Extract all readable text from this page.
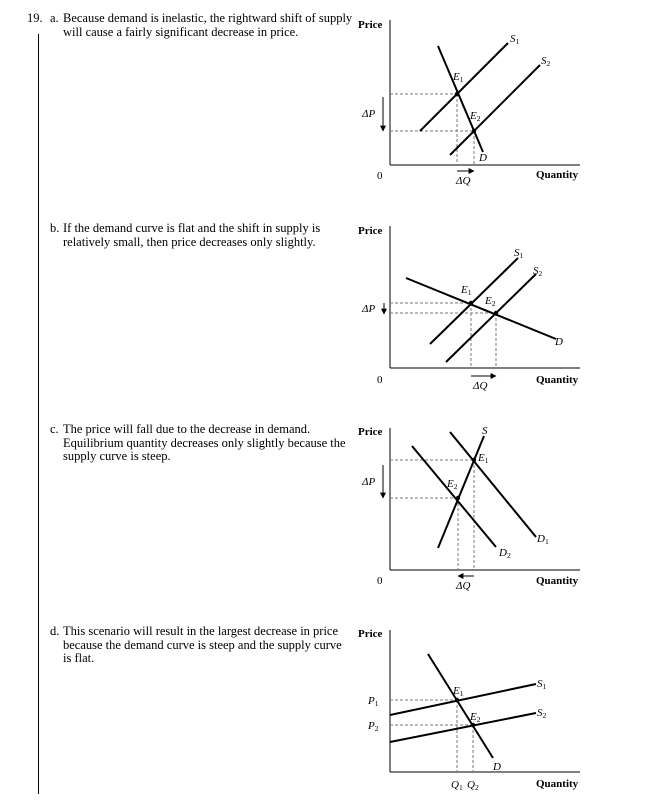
19. a. Because demand is inelastic, the rightward shift of supply will cause a fairly significant decrease in price.
b. If the demand curve is flat and the shift in supply is relatively small, then price decreases only slightly.
c. The price will fall due to the decrease in demand. Equilibrium quantity decreases only slightly because the supply curve is steep.
d. This scenario will result in the largest decrease in price because the demand curve is steep and the supply curve is flat.
Price
0	Quantity
S1
S2
D
E1
E2
ΔP
ΔQ
Price
0	Quantity
S1
S2
D
E1
E2
ΔP
ΔQ
Price
0	Quantity
S
D1
D2
E1
E2
ΔP
ΔQ
Price
Quantity
S1
S2
D
E1
E2
P1
P2
Q1 Q2
